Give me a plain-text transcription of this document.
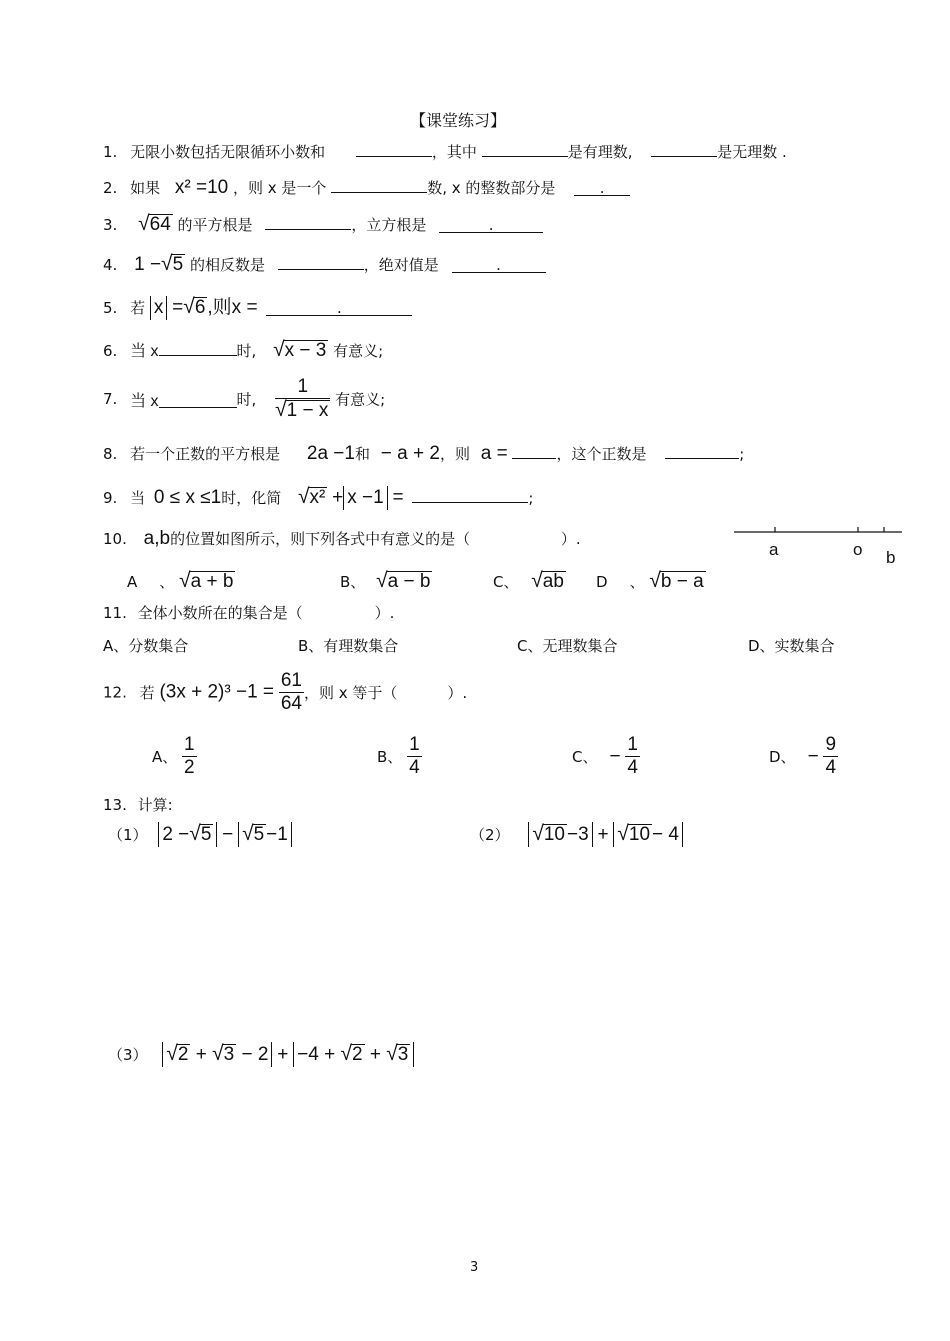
【课堂练习】
1. 无限小数包括无限循环小数和	，其中	是有理数,	是无理数 .
2. 如果 x² =10 ，则 x 是一个	数, x 的整数部分是	.
3. √64 的平方根是	，立方根是	.
4. 1 −√5 的相反数是	，绝对值是	.
5. 若 x =√6 ,则x =	.
6. 当 x	时, √x − 3 有意义;
7. 当 x	时, $\frac{1}{√1 - x}$ 有意义;
8. 若一个正数的平方根是 2a −1和 − a + 2，则 a =	，这个正数是	;
9. 当 0 ≤ x ≤1时，化简 √x² + x −1 =	;
10. a,b的位置如图所示，则下列各式中有意义的是（	）.
a	o b
A 、 √a + b	B、 √a − b	C、 √ab D 、 √b − a
11. 全体小数所在的集合是（	）.
A、分数集合	B、有理数集合	C、无理数集合	D、实数集合
12. 若 $(3x + 2)^3 -1 = \frac{61}{64}$ ，则 x 等于（	）.
A、 $\frac{1}{2}$	B、 $\frac{1}{4}$	C、 − $\frac{1}{4}$	D、 − $\frac{9}{4}$
13. 计算:
（1） 2 −√5 − √5 −1	（2） √10 −3 + √10 − 4
（3） √2 + √3 − 2 + −4 + √2 + √3
3
